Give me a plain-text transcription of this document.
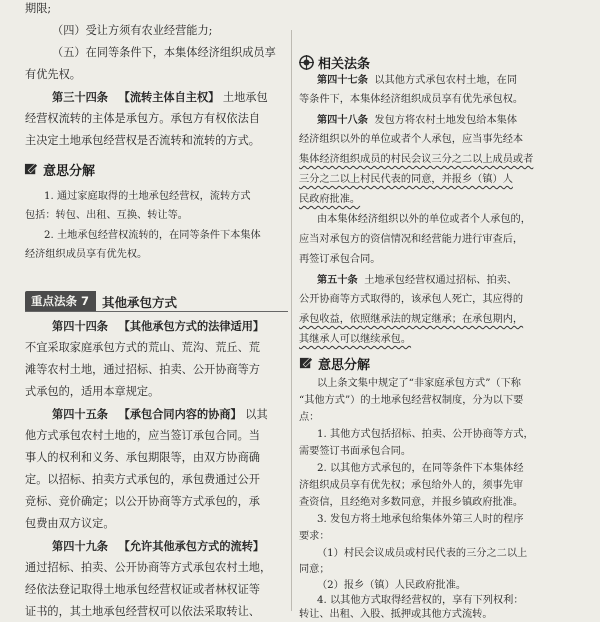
期限;
（四）受让方须有农业经营能力;
（五）在同等条件下，本集体经济组织成员享
有优先权。
第三十四条 【流转主体自主权】 土地承包
经营权流转的主体是承包方。承包方有权依法自
主决定土地承包经营权是否流转和流转的方式。
意思分解
1. 通过家庭取得的土地承包经营权，流转方式
包括：转包、出租、互换、转让等。
2. 土地承包经营权流转的，在同等条件下本集体
经济组织成员享有优先权。
重点法条 7	其他承包方式
第四十四条 【其他承包方式的法律适用】
不宜采取家庭承包方式的荒山、荒沟、荒丘、荒
滩等农村土地，通过招标、拍卖、公开协商等方
式承包的，适用本章规定。
第四十五条 【承包合同内容的协商】 以其
他方式承包农村土地的，应当签订承包合同。当
事人的权利和义务、承包期限等，由双方协商确
定。以招标、拍卖方式承包的，承包费通过公开
竞标、竞价确定；以公开协商等方式承包的，承
包费由双方议定。
第四十九条 【允许其他承包方式的流转】
通过招标、拍卖、公开协商等方式承包农村土地，
经依法登记取得土地承包经营权证或者林权证等
证书的，其土地承包经营权可以依法采取转让、
相关法条
第四十七条 以其他方式承包农村土地，在同
等条件下，本集体经济组织成员享有优先承包权。
第四十八条 发包方将农村土地发包给本集体
经济组织以外的单位或者个人承包，应当事先经本
集体经济组织成员的村民会议三分之二以上成员或者
三分之二以上村民代表的同意，并报乡（镇）人
民政府批准。
由本集体经济组织以外的单位或者个人承包的，
应当对承包方的资信情况和经营能力进行审查后，
再签订承包合同。
第五十条 土地承包经营权通过招标、拍卖、
公开协商等方式取得的，该承包人死亡，其应得的
承包收益，依照继承法的规定继承；在承包期内，
其继承人可以继续承包。
意思分解
以上条文集中规定了“非家庭承包方式”（下称
“其他方式”）的土地承包经营权制度，分为以下要
点：
1. 其他方式包括招标、拍卖、公开协商等方式，
需要签订书面承包合同。
2. 以其他方式承包的，在同等条件下本集体经
济组织成员享有优先权；承包给外人的，须事先审
查资信，且经绝对多数同意，并报乡镇政府批准。
3. 发包方将土地承包给集体外第三人时的程序
要求：
（1）村民会议成员或村民代表的三分之二以上
同意；
（2）报乡（镇）人民政府批准。
4. 以其他方式取得经营权的，享有下列权利：
转让、出租、入股、抵押或其他方式流转。
